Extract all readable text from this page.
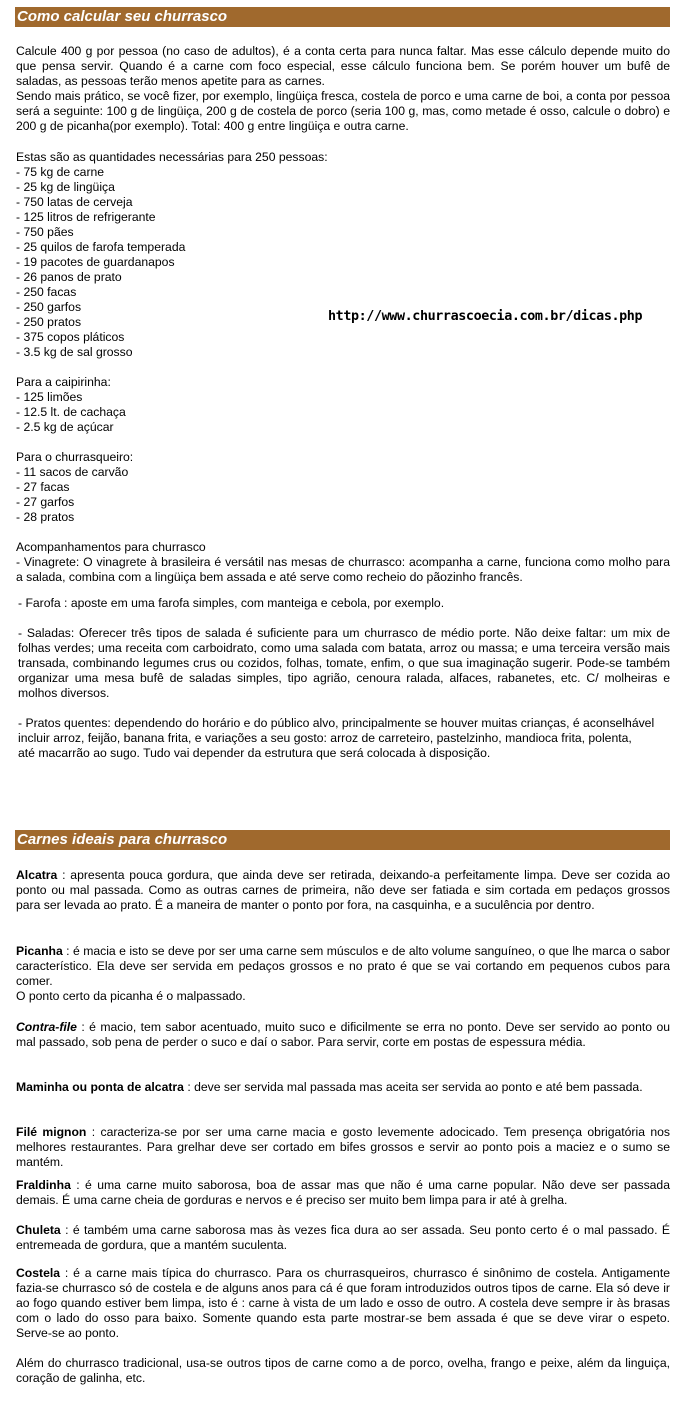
Como calcular seu churrasco

Calcule 400 g por pessoa (no caso de adultos), é a conta certa para nunca faltar. Mas esse cálculo depende muito do que pensa servir. Quando é a carne com foco especial, esse cálculo funciona bem. Se porém houver um bufê de saladas, as pessoas terão menos apetite para as carnes.

Sendo mais prático, se você fizer, por exemplo, lingüiça fresca, costela de porco e uma carne de boi, a conta por pessoa será a seguinte: 100 g de lingüiça, 200 g de costela de porco (seria 100 g, mas, como metade é osso, calcule o dobro) e 200 g de picanha(por exemplo). Total: 400 g entre lingüiça e outra carne.

Estas são as quantidades necessárias para 250 pessoas:
- 75 kg de carne
- 25 kg de lingüiça
- 750 latas de cerveja
- 125 litros de refrigerante
- 750 pães
- 25 quilos de farofa temperada
- 19 pacotes de guardanapos
- 26 panos de prato
- 250 facas
- 250 garfos
- 250 pratos
- 375 copos pláticos
- 3.5 kg de sal grosso
http://www.churrascoecia.com.br/dicas.php
Para a caipirinha:
- 125 limões
- 12.5 lt. de cachaça
- 2.5 kg de açúcar
Para o churrasqueiro:
- 11 sacos de carvão
- 27 facas
- 27 garfos
- 28 pratos
Acompanhamentos para churrasco

- Vinagrete: O vinagrete à brasileira é versátil nas mesas de churrasco: acompanha a carne, funciona como molho para a salada, combina com a lingüiça bem assada e até serve como recheio do pãozinho francês.

- Farofa : aposte em uma farofa simples, com manteiga e cebola, por exemplo.

- Saladas: Oferecer três tipos de salada é suficiente para um churrasco de médio porte. Não deixe faltar: um mix de folhas verdes; uma receita com carboidrato, como uma salada com batata, arroz ou massa; e uma terceira versão mais transada, combinando legumes crus ou cozidos, folhas, tomate, enfim, o que sua imaginação sugerir. Pode-se também organizar uma mesa bufê de saladas simples, tipo agrião, cenoura ralada, alfaces, rabanetes, etc. C/ molheiras e molhos diversos.

- Pratos quentes: dependendo do horário e do público alvo, principalmente se houver muitas crianças, é aconselhável
incluir arroz, feijão, banana frita, e variações a seu gosto: arroz de carreteiro, pastelzinho, mandioca frita, polenta,
até macarrão ao sugo. Tudo vai depender da estrutura que será colocada à disposição.
Carnes ideais para churrasco

Alcatra : apresenta pouca gordura, que ainda deve ser retirada, deixando-a perfeitamente limpa. Deve ser cozida ao ponto ou mal passada. Como as outras carnes de primeira, não deve ser fatiada e sim cortada em pedaços grossos para ser levada ao prato. É a maneira de manter o ponto por fora, na casquinha, e a suculência por dentro.

Picanha : é macia e isto se deve por ser uma carne sem músculos e de alto volume sanguíneo, o que lhe marca o sabor característico. Ela deve ser servida em pedaços grossos e no prato é que se vai cortando em pequenos cubos para comer.

O ponto certo da picanha é o malpassado.

Contra-file : é macio, tem sabor acentuado, muito suco e dificilmente se erra no ponto. Deve ser servido ao ponto ou mal passado, sob pena de perder o suco e daí o sabor. Para servir, corte em postas de espessura média.

Maminha ou ponta de alcatra : deve ser servida mal passada mas aceita ser servida ao ponto e até bem passada.

Filé mignon : caracteriza-se por ser uma carne macia e gosto levemente adocicado. Tem presença obrigatória nos melhores restaurantes. Para grelhar deve ser cortado em bifes grossos e servir ao ponto pois a maciez e o sumo se mantém.

Fraldinha : é uma carne muito saborosa, boa de assar mas que não é uma carne popular. Não deve ser passada demais. É uma carne cheia de gorduras e nervos e é preciso ser muito bem limpa para ir até à grelha.

Chuleta : é também uma carne saborosa mas às vezes fica dura ao ser assada. Seu ponto certo é o mal passado. É entremeada de gordura, que a mantém suculenta.

Costela : é a carne mais típica do churrasco. Para os churrasqueiros, churrasco é sinônimo de costela. Antigamente fazia-se churrasco só de costela e de alguns anos para cá é que foram introduzidos outros tipos de carne. Ela só deve ir ao fogo quando estiver bem limpa, isto é : carne à vista de um lado e osso de outro. A costela deve sempre ir às brasas com o lado do osso para baixo. Somente quando esta parte mostrar-se bem assada é que se deve virar o espeto. Serve-se ao ponto.

Além do churrasco tradicional, usa-se outros tipos de carne como a de porco, ovelha, frango e peixe, além da linguiça, coração de galinha, etc.
